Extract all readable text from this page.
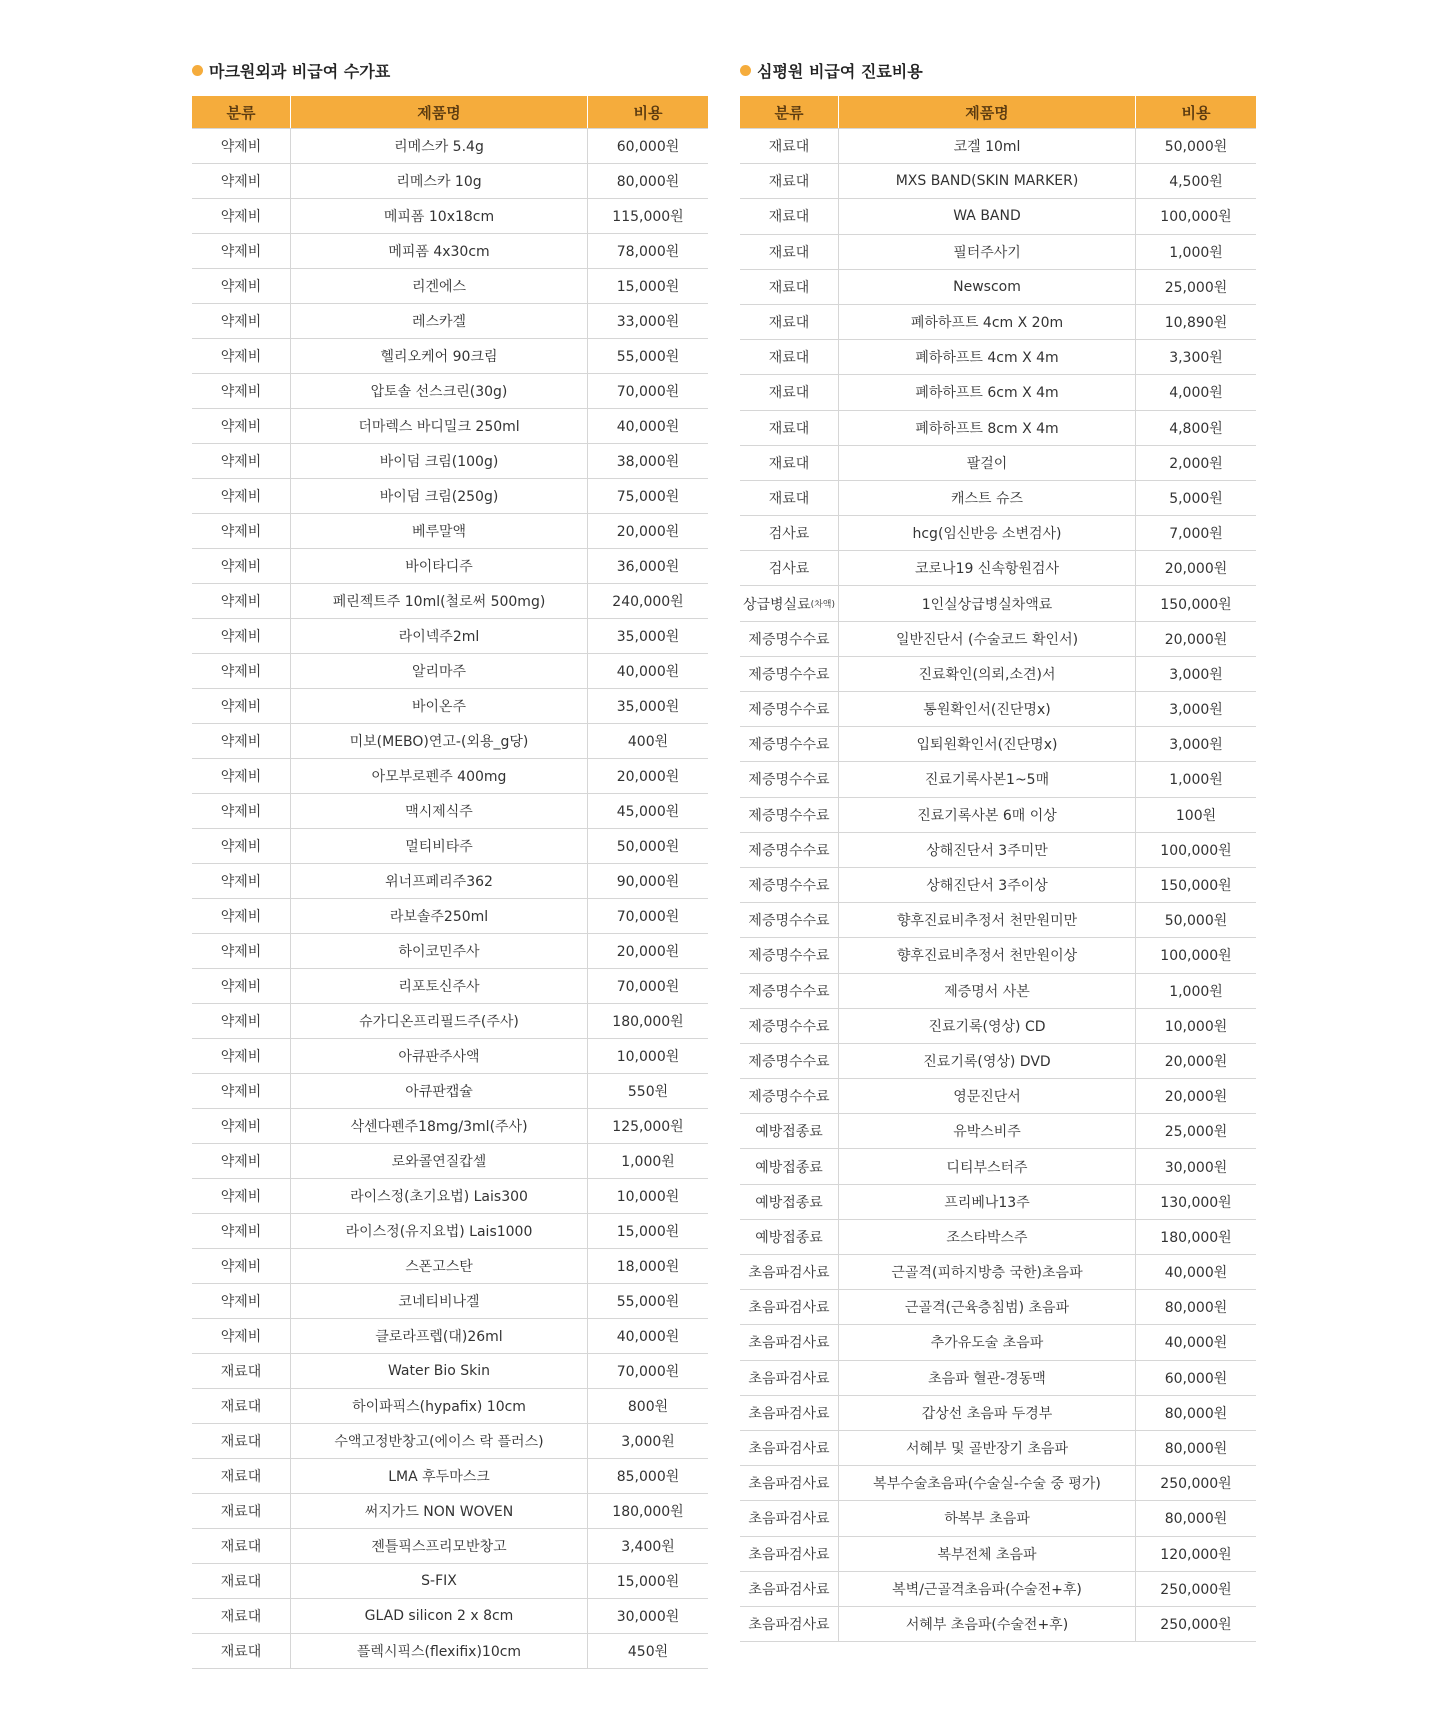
마크원외과 비급여 수가표
분류	제품명	비용
약제비	리메스카 5.4g	60,000원
약제비	리메스카 10g	80,000원
약제비	메피폼 10x18cm	115,000원
약제비	메피폼 4x30cm	78,000원
약제비	리겐에스	15,000원
약제비	레스카겔	33,000원
약제비	헬리오케어 90크림	55,000원
약제비	압토솔 선스크린(30g)	70,000원
약제비	더마렉스 바디밀크 250ml	40,000원
약제비	바이덤 크림(100g)	38,000원
약제비	바이덤 크림(250g)	75,000원
약제비	베루말액	20,000원
약제비	바이타디주	36,000원
약제비	페린젝트주 10ml(철로써 500mg)	240,000원
약제비	라이넥주2ml	35,000원
약제비	알리마주	40,000원
약제비	바이온주	35,000원
약제비	미보(MEBO)연고-(외용_g당)	400원
약제비	아모부로펜주 400mg	20,000원
약제비	맥시제식주	45,000원
약제비	멀티비타주	50,000원
약제비	위너프페리주362	90,000원
약제비	라보솔주250ml	70,000원
약제비	하이코민주사	20,000원
약제비	리포토신주사	70,000원
약제비	슈가디온프리필드주(주사)	180,000원
약제비	아큐판주사액	10,000원
약제비	아큐판캡슐	550원
약제비	삭센다펜주18mg/3ml(주사)	125,000원
약제비	로와콜연질캅셀	1,000원
약제비	라이스정(초기요법) Lais300	10,000원
약제비	라이스정(유지요법) Lais1000	15,000원
약제비	스폰고스탄	18,000원
약제비	코네티비나겔	55,000원
약제비	클로라프렙(대)26ml	40,000원
재료대	Water Bio Skin	70,000원
재료대	하이파픽스(hypafix) 10cm	800원
재료대	수액고정반창고(에이스 락 플러스)	3,000원
재료대	LMA 후두마스크	85,000원
재료대	써지가드 NON WOVEN	180,000원
재료대	젠틀픽스프리모반창고	3,400원
재료대	S-FIX	15,000원
재료대	GLAD silicon 2 x 8cm	30,000원
재료대	플렉시픽스(flexifix)10cm	450원
심평원 비급여 진료비용
분류	제품명	비용
재료대	코겔 10ml	50,000원
재료대	MXS BAND(SKIN MARKER)	4,500원
재료대	WA BAND	100,000원
재료대	필터주사기	1,000원
재료대	Newscom	25,000원
재료대	폐하하프트 4cm X 20m	10,890원
재료대	폐하하프트 4cm X 4m	3,300원
재료대	폐하하프트 6cm X 4m	4,000원
재료대	폐하하프트 8cm X 4m	4,800원
재료대	팔걸이	2,000원
재료대	캐스트 슈즈	5,000원
검사료	hcg(임신반응 소변검사)	7,000원
검사료	코로나19 신속항원검사	20,000원
상급병실료 (차액)	1인실상급병실차액료	150,000원
제증명수수료	일반진단서 (수술코드 확인서)	20,000원
제증명수수료	진료확인(의뢰,소견)서	3,000원
제증명수수료	통원확인서(진단명x)	3,000원
제증명수수료	입퇴원확인서(진단명x)	3,000원
제증명수수료	진료기록사본1~5매	1,000원
제증명수수료	진료기록사본 6매 이상	100원
제증명수수료	상해진단서 3주미만	100,000원
제증명수수료	상해진단서 3주이상	150,000원
제증명수수료	향후진료비추정서 천만원미만	50,000원
제증명수수료	향후진료비추정서 천만원이상	100,000원
제증명수수료	제증명서 사본	1,000원
제증명수수료	진료기록(영상) CD	10,000원
제증명수수료	진료기록(영상) DVD	20,000원
제증명수수료	영문진단서	20,000원
예방접종료	유박스비주	25,000원
예방접종료	디티부스터주	30,000원
예방접종료	프리베나13주	130,000원
예방접종료	조스타박스주	180,000원
초음파검사료	근골격(피하지방층 국한)초음파	40,000원
초음파검사료	근골격(근육층침범) 초음파	80,000원
초음파검사료	추가유도술 초음파	40,000원
초음파검사료	초음파 혈관-경동맥	60,000원
초음파검사료	갑상선 초음파 두경부	80,000원
초음파검사료	서혜부 및 골반장기 초음파	80,000원
초음파검사료	복부수술초음파(수술실-수술 중 평가)	250,000원
초음파검사료	하복부 초음파	80,000원
초음파검사료	복부전체 초음파	120,000원
초음파검사료	복벽/근골격초음파(수술전+후)	250,000원
초음파검사료	서혜부 초음파(수술전+후)	250,000원
